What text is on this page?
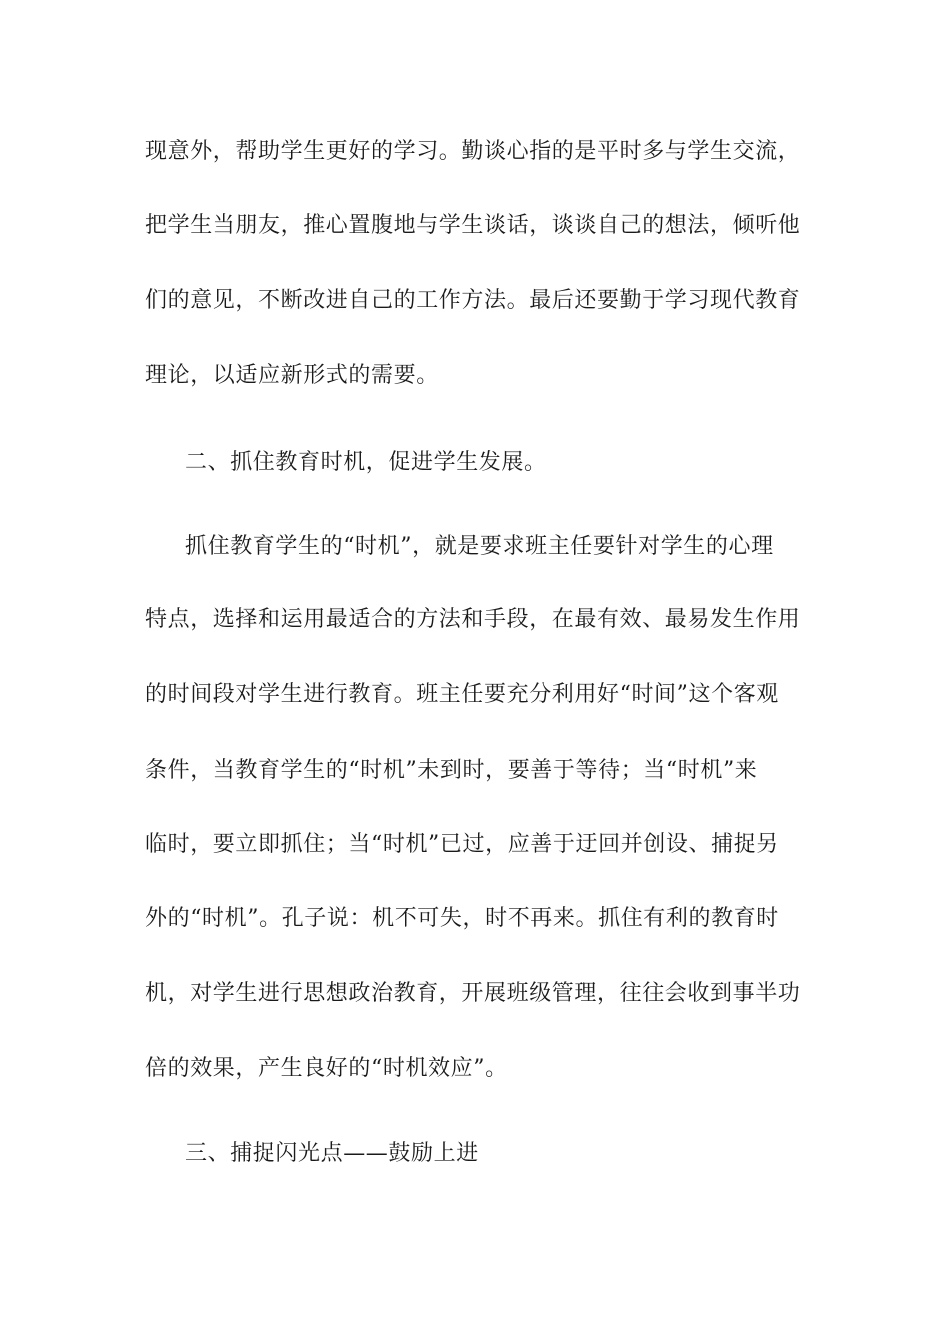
现意外，帮助学生更好的学习。勤谈心指的是平时多与学生交流，
把学生当朋友，推心置腹地与学生谈话，谈谈自己的想法，倾听他
们的意见，不断改进自己的工作方法。最后还要勤于学习现代教育
理论，以适应新形式的需要。
二、抓住教育时机，促进学生发展。
抓住教育学生的“时机”，就是要求班主任要针对学生的心理
特点，选择和运用最适合的方法和手段，在最有效、最易发生作用
的时间段对学生进行教育。班主任要充分利用好“时间”这个客观
条件，当教育学生的“时机”未到时，要善于等待；当“时机”来
临时，要立即抓住；当“时机”已过，应善于迂回并创设、捕捉另
外的“时机”。孔子说：机不可失，时不再来。抓住有利的教育时
机，对学生进行思想政治教育，开展班级管理，往往会收到事半功
倍的效果，产生良好的“时机效应”。
三、捕捉闪光点——鼓励上进
